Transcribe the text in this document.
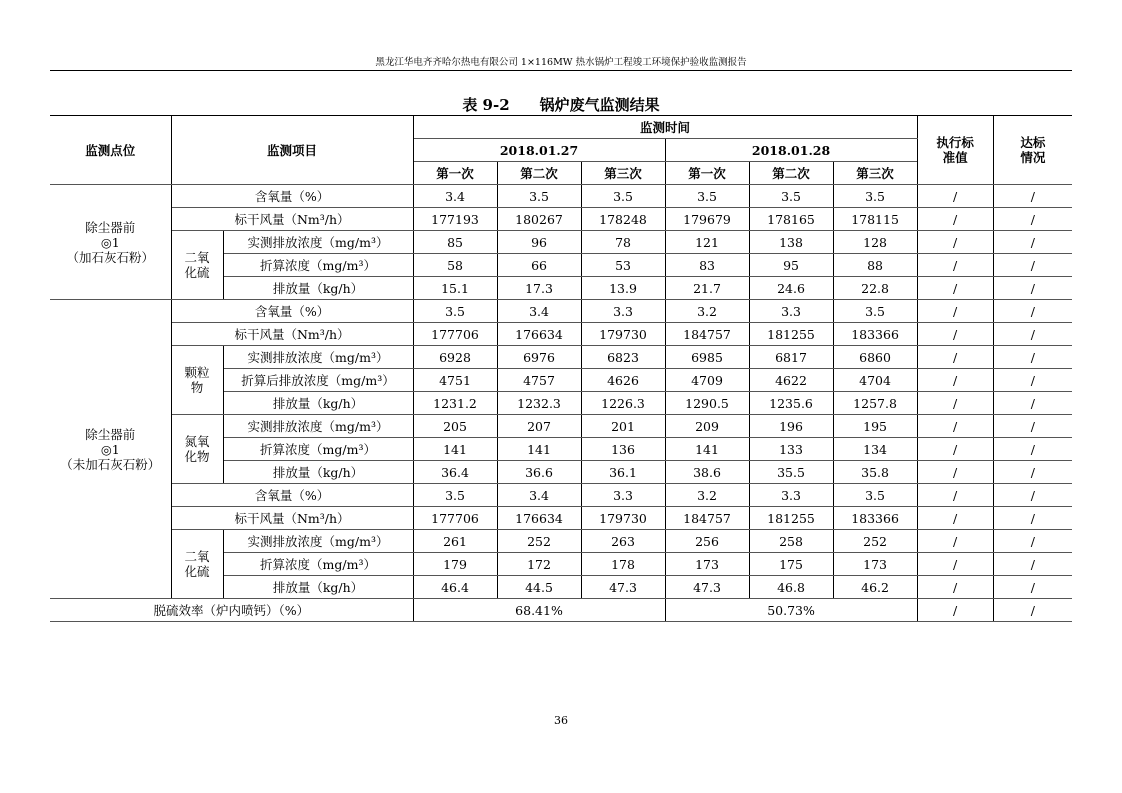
黑龙江华电齐齐哈尔热电有限公司 1×116MW 热水锅炉工程竣工环境保护验收监测报告
表 9-2 锅炉废气监测结果
监测点位	监测项目		监测时间						执行标准值	达标情况
			2018.01.27			2018.01.28				
			第一次	第二次	第三次	第一次	第二次	第三次		
除尘器前
◎1
（加石灰石粉）	含氧量（%）		3.4	3.5	3.5	3.5	3.5	3.5	/	/
	标干风量（Nm³/h）		177193	180267	178248	179679	178165	178115	/	/
	二氧
化硫	实测排放浓度（mg/m³）	85	96	78	121	138	128	/	/
		折算浓度（mg/m³）	58	66	53	83	95	88	/	/
		排放量（kg/h）	15.1	17.3	13.9	21.7	24.6	22.8	/	/
除尘器前
◎1
（未加石灰石粉）	含氧量（%）		3.5	3.4	3.3	3.2	3.3	3.5	/	/
	标干风量（Nm³/h）		177706	176634	179730	184757	181255	183366	/	/
	颗粒
物	实测排放浓度（mg/m³）	6928	6976	6823	6985	6817	6860	/	/
		折算后排放浓度（mg/m³）	4751	4757	4626	4709	4622	4704	/	/
		排放量（kg/h）	1231.2	1232.3	1226.3	1290.5	1235.6	1257.8	/	/
	氮氧
化物	实测排放浓度（mg/m³）	205	207	201	209	196	195	/	/
		折算浓度（mg/m³）	141	141	136	141	133	134	/	/
		排放量（kg/h）	36.4	36.6	36.1	38.6	35.5	35.8	/	/
	含氧量（%）		3.5	3.4	3.3	3.2	3.3	3.5	/	/
	标干风量（Nm³/h）		177706	176634	179730	184757	181255	183366	/	/
	二氧
化硫	实测排放浓度（mg/m³）	261	252	263	256	258	252	/	/
		折算浓度（mg/m³）	179	172	178	173	175	173	/	/
		排放量（kg/h）	46.4	44.5	47.3	47.3	46.8	46.2	/	/
脱硫效率（炉内喷钙）（%）			68.41%			50.73%			/	/
36
